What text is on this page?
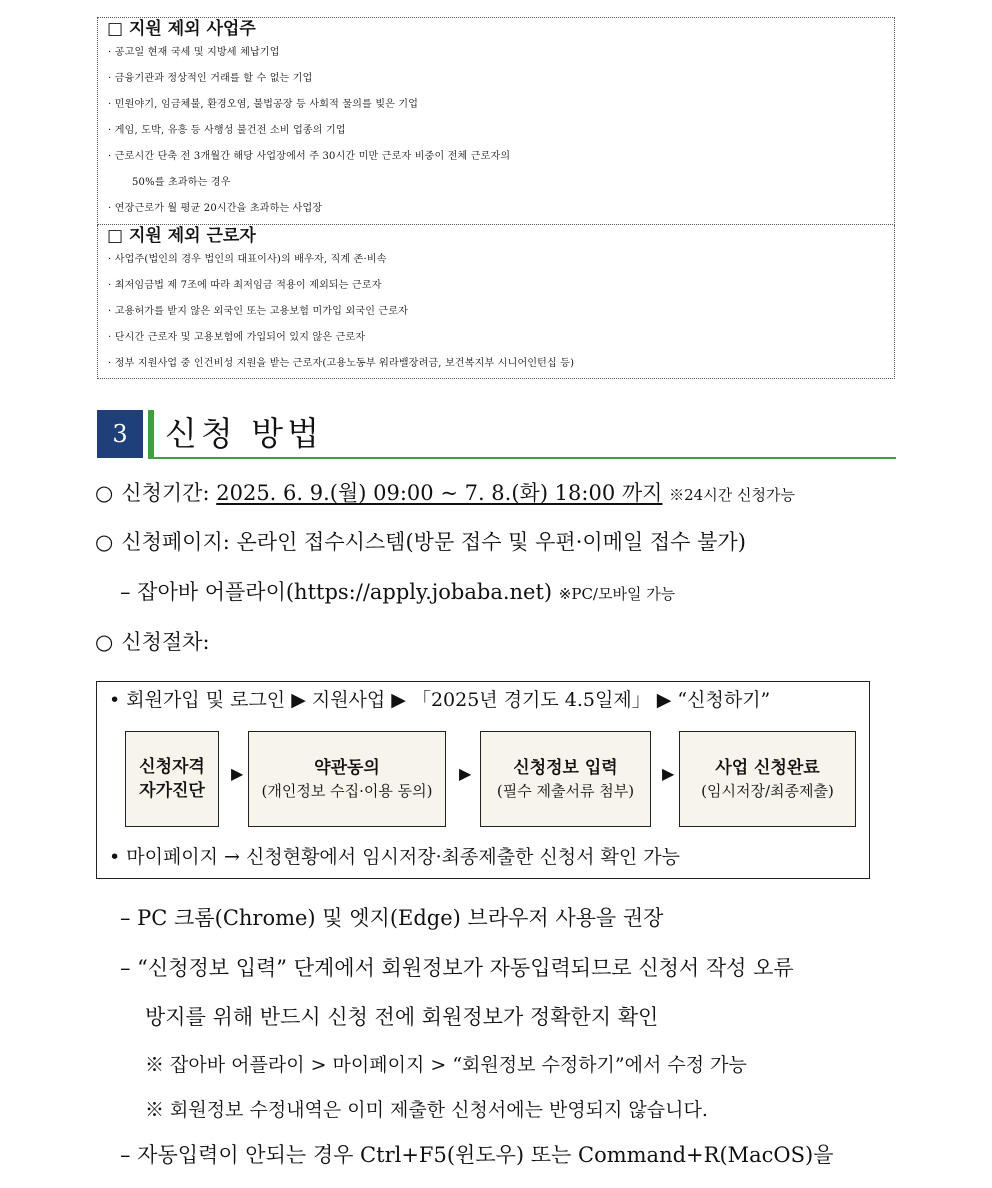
□ 지원 제외 사업주
· 공고일 현재 국세 및 지방세 체납기업
· 금융기관과 정상적인 거래를 할 수 없는 기업
· 민원야기, 임금체불, 환경오염, 불법공장 등 사회적 물의를 빚은 기업
· 게임, 도박, 유흥 등 사행성 불건전 소비 업종의 기업
· 근로시간 단축 전 3개월간 해당 사업장에서 주 30시간 미만 근로자 비중이 전체 근로자의
50%를 초과하는 경우
· 연장근로가 월 평균 20시간을 초과하는 사업장
□ 지원 제외 근로자
· 사업주(법인의 경우 법인의 대표이사)의 배우자, 직계 존·비속
· 최저임금법 제 7조에 따라 최저임금 적용이 제외되는 근로자
· 고용허가를 받지 않은 외국인 또는 고용보험 미가입 외국인 근로자
· 단시간 근로자 및 고용보험에 가입되어 있지 않은 근로자
· 정부 지원사업 중 인건비성 지원을 받는 근로자(고용노동부 워라밸장려금, 보건복지부 시니어인턴십 등)
3	신청 방법
○ 신청기간: 2025. 6. 9.(월) 09:00 ~ 7. 8.(화) 18:00 까지 ※24시간 신청가능
○ 신청페이지: 온라인 접수시스템(방문 접수 및 우편·이메일 접수 불가)
– 잡아바 어플라이(https://apply.jobaba.net) ※PC/모바일 가능
○ 신청절차:
• 회원가입 및 로그인 ▶ 지원사업 ▶ 「2025년 경기도 4.5일제」 ▶ “신청하기”
신청자격
자가진단
▶	약관동의
(개인정보 수집·이용 동의)
▶ 신청정보 입력
(필수 제출서류 첨부)
▶ 사업 신청완료
(임시저장/최종제출)
• 마이페이지 → 신청현황에서 임시저장·최종제출한 신청서 확인 가능
– PC 크롬(Chrome) 및 엣지(Edge) 브라우저 사용을 권장
– “신청정보 입력” 단계에서 회원정보가 자동입력되므로 신청서 작성 오류
방지를 위해 반드시 신청 전에 회원정보가 정확한지 확인
※ 잡아바 어플라이 > 마이페이지 > “회원정보 수정하기”에서 수정 가능
※ 회원정보 수정내역은 이미 제출한 신청서에는 반영되지 않습니다.
– 자동입력이 안되는 경우 Ctrl+F5(윈도우) 또는 Command+R(MacOS)을
